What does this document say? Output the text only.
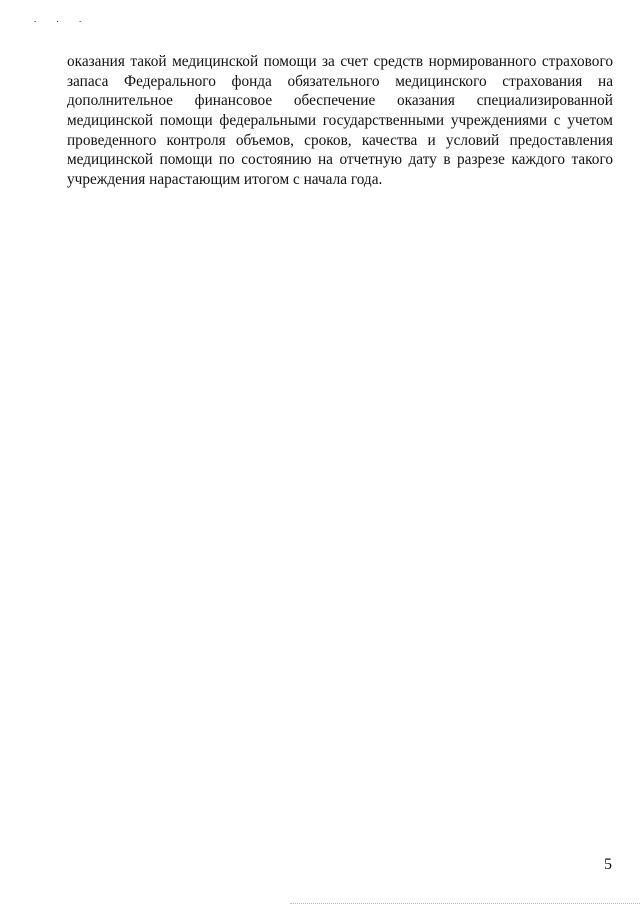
. . .
оказания такой медицинской помощи за счет средств нормированного страхового
запаса Федерального фонда обязательного медицинского страхования на
дополнительное финансовое обеспечение оказания специализированной
медицинской помощи федеральными государственными учреждениями с учетом
проведенного контроля объемов, сроков, качества и условий предоставления
медицинской помощи по состоянию на отчетную дату в разрезе каждого такого
учреждения нарастающим итогом с начала года.
5
